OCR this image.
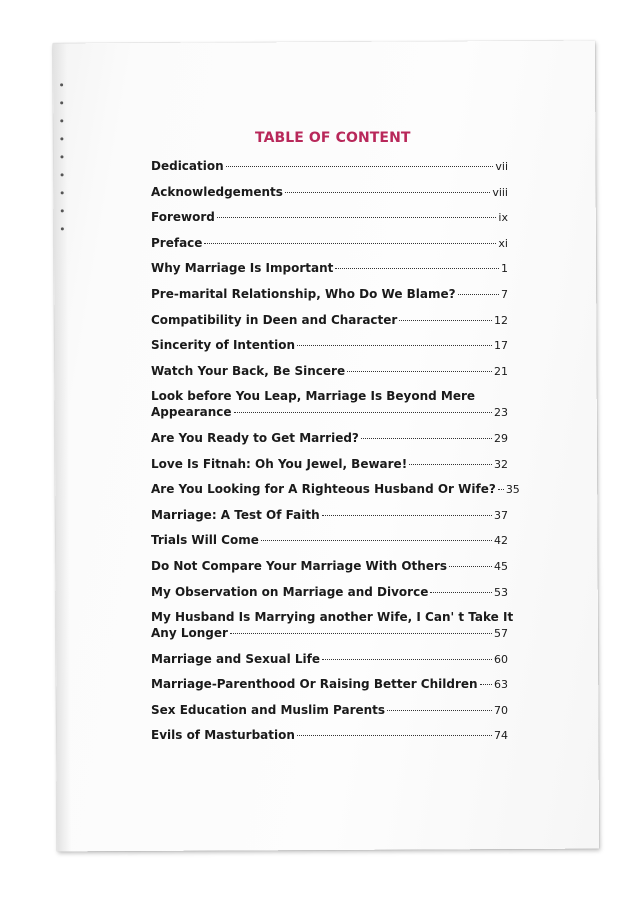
TABLE OF CONTENT
Dedication	vii
Acknowledgements	viii
Foreword	ix
Preface	xi
Why Marriage Is Important	1
Pre-marital Relationship, Who Do We Blame?	7
Compatibility in Deen and Character	12
Sincerity of Intention	17
Watch Your Back, Be Sincere	21
Look before You Leap, Marriage Is Beyond Mere
Appearance	23
Are You Ready to Get Married?	29
Love Is Fitnah: Oh You Jewel, Beware!	32
Are You Looking for A Righteous Husband Or Wife? 35
Marriage: A Test Of Faith	37
Trials Will Come	42
Do Not Compare Your Marriage With Others	45
My Observation on Marriage and Divorce	53
My Husband Is Marrying another Wife, I Can' t Take It
Any Longer	57
Marriage and Sexual Life	60
Marriage-Parenthood Or Raising Better Children 63
Sex Education and Muslim Parents	70
Evils of Masturbation	74
